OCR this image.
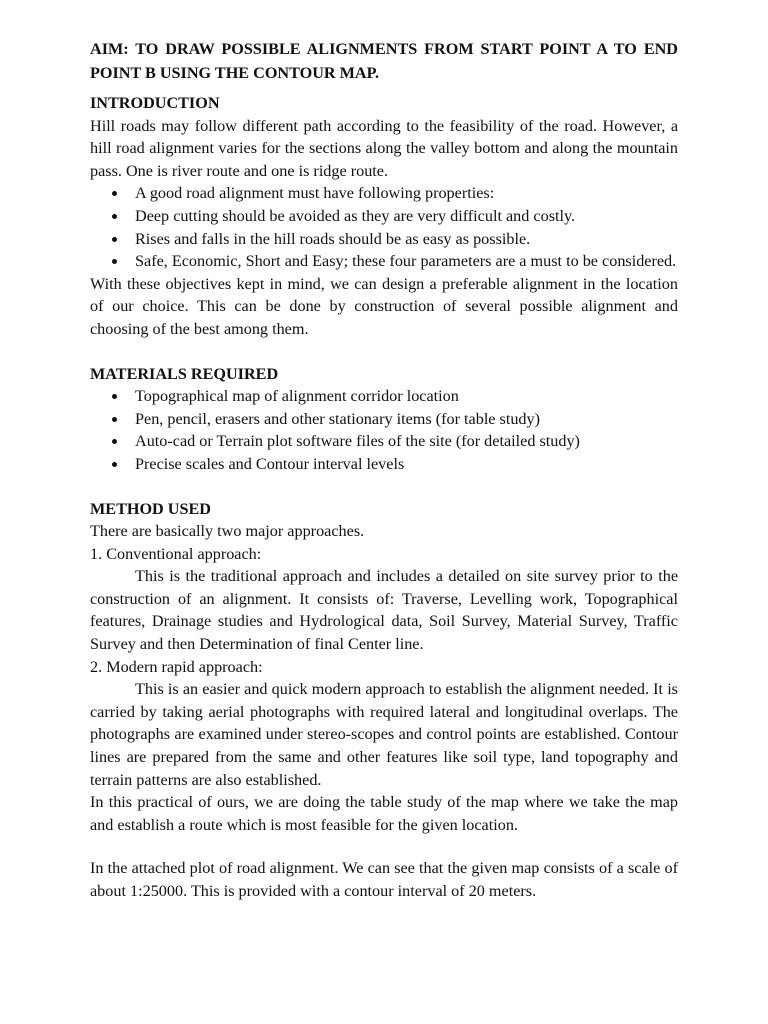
AIM: TO DRAW POSSIBLE ALIGNMENTS FROM START POINT A TO END POINT B USING THE CONTOUR MAP.

INTRODUCTION

Hill roads may follow different path according to the feasibility of the road. However, a hill road alignment varies for the sections along the valley bottom and along the mountain pass. One is river route and one is ridge route.

A good road alignment must have following properties:
Deep cutting should be avoided as they are very difficult and costly.
Rises and falls in the hill roads should be as easy as possible.
Safe, Economic, Short and Easy; these four parameters are a must to be considered.

With these objectives kept in mind, we can design a preferable alignment in the location of our choice. This can be done by construction of several possible alignment and choosing of the best among them.

MATERIALS REQUIRED

Topographical map of alignment corridor location
Pen, pencil, erasers and other stationary items (for table study)
Auto-cad or Terrain plot software files of the site (for detailed study)
Precise scales and Contour interval levels

METHOD USED

There are basically two major approaches.

1. Conventional approach:

This is the traditional approach and includes a detailed on site survey prior to the construction of an alignment. It consists of: Traverse, Levelling work, Topographical features, Drainage studies and Hydrological data, Soil Survey, Material Survey, Traffic Survey and then Determination of final Center line.

2. Modern rapid approach:

This is an easier and quick modern approach to establish the alignment needed. It is carried by taking aerial photographs with required lateral and longitudinal overlaps. The photographs are examined under stereo-scopes and control points are established. Contour lines are prepared from the same and other features like soil type, land topography and terrain patterns are also established.

In this practical of ours, we are doing the table study of the map where we take the map and establish a route which is most feasible for the given location.

In the attached plot of road alignment. We can see that the given map consists of a scale of about 1:25000. This is provided with a contour interval of 20 meters.
